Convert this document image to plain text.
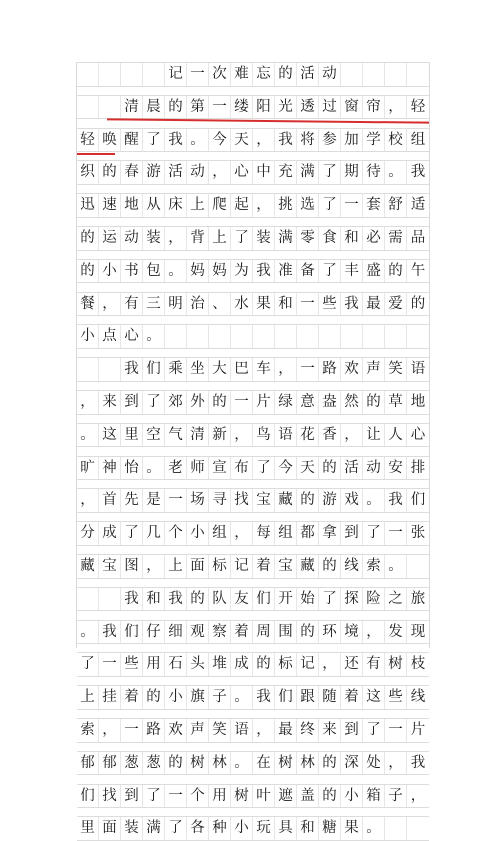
记 一 次 难 忘 的 活 动
清 晨 的 第 一 缕 阳 光 透 过 窗 帘 ， 轻
轻 唤 醒 了 我 。 今 天 ， 我 将 参 加 学 校 组
织 的 春 游 活 动 ， 心 中 充 满 了 期 待 。 我
迅 速 地 从 床 上 爬 起 ， 挑 选 了 一 套 舒 适
的 运 动 装 ， 背 上 了 装 满 零 食 和 必 需 品
的 小 书 包 。 妈 妈 为 我 准 备 了 丰 盛 的 午
餐 ， 有 三 明 治 、 水 果 和 一 些 我 最 爱 的
小 点 心 。
我 们 乘 坐 大 巴 车 ， 一 路 欢 声 笑 语
， 来 到 了 郊 外 的 一 片 绿 意 盎 然 的 草 地
。 这 里 空 气 清 新 ， 鸟 语 花 香 ， 让 人 心
旷 神 怡 。 老 师 宣 布 了 今 天 的 活 动 安 排
， 首 先 是 一 场 寻 找 宝 藏 的 游 戏 。 我 们
分 成 了 几 个 小 组 ， 每 组 都 拿 到 了 一 张
藏 宝 图 ， 上 面 标 记 着 宝 藏 的 线 索 。
我 和 我 的 队 友 们 开 始 了 探 险 之 旅
。 我 们 仔 细 观 察 着 周 围 的 环 境 ， 发 现
了 一 些 用 石 头 堆 成 的 标 记 ， 还 有 树 枝
上 挂 着 的 小 旗 子 。 我 们 跟 随 着 这 些 线
索 ， 一 路 欢 声 笑 语 ， 最 终 来 到 了 一 片
郁 郁 葱 葱 的 树 林 。 在 树 林 的 深 处 ， 我
们 找 到 了 一 个 用 树 叶 遮 盖 的 小 箱 子 ，
里 面 装 满 了 各 种 小 玩 具 和 糖 果 。
